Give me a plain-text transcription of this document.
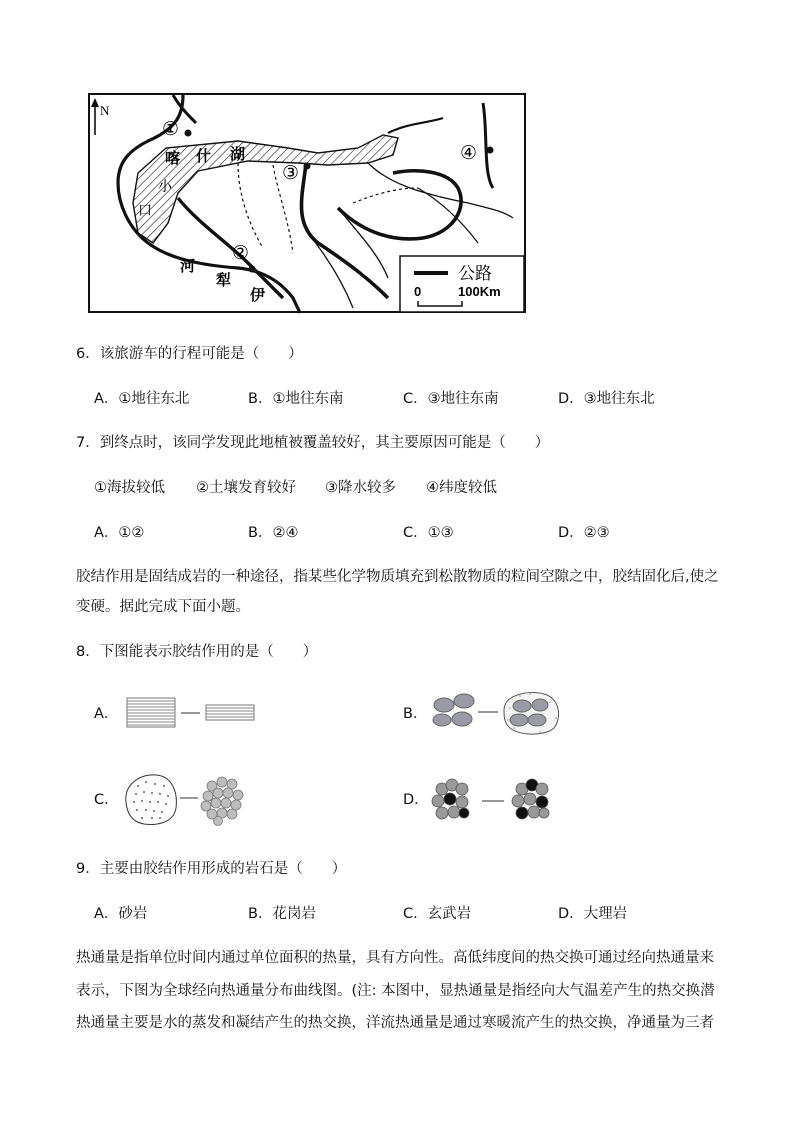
N
喀 什 湖
小
口
河
犁
伊
①
②
③
④
公路
0	100Km
6．该旅游车的行程可能是（　　）
A．①地往东北	B．①地往东南	C．③地往东南	D．③地往东北
7．到终点时，该同学发现此地植被覆盖较好，其主要原因可能是（　　）
①海拔较低 ②土壤发育较好 ③降水较多 ④纬度较低
A．①②	B．②④	C．①③	D．②③
胶结作用是固结成岩的一种途径，指某些化学物质填充到松散物质的粒间空隙之中，胶结固化后,使之
变硬。据此完成下面小题。
8．下图能表示胶结作用的是（　　）
A．	B．
C．	D．
9．主要由胶结作用形成的岩石是（　　）
A．砂岩	B．花岗岩	C．玄武岩	D．大理岩
热通量是指单位时间内通过单位面积的热量，具有方向性。高低纬度间的热交换可通过经向热通量来
表示，下图为全球经向热通量分布曲线图。(注: 本图中，显热通量是指经向大气温差产生的热交换潜
热通量主要是水的蒸发和凝结产生的热交换，洋流热通量是通过寒暖流产生的热交换，净通量为三者
